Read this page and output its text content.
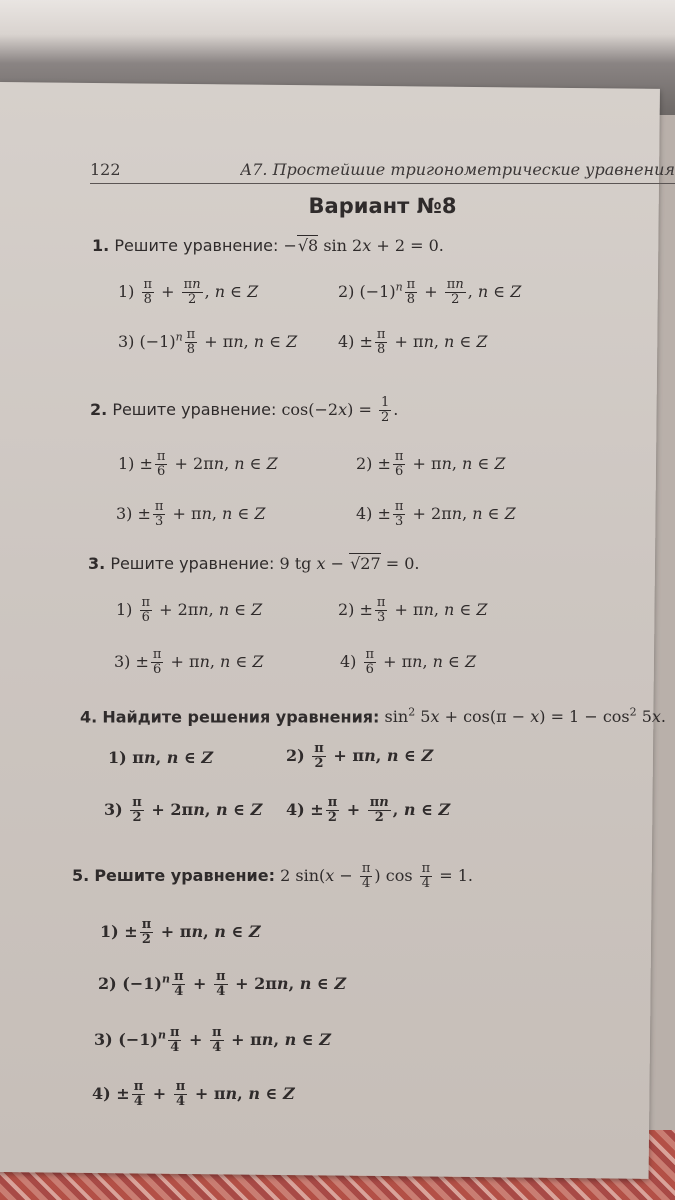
122	А7. Простейшие тригонометрические уравнения
Вариант №8
1. Решите уравнение: −√8 sin 2x + 2 = 0.
$1) \frac{\pi}{8} + \frac{\pi n}{2}$ , n ∈ Z	2) $(-1)^n \frac{\pi}{8} + \frac{\pi n}{2}$ , n ∈ Z
3) $(-1)^n \frac{\pi}{8} + \pi n$, n ∈ Z	$4) \pm \frac{\pi}{8} + \pi n$, n ∈ Z
2. Решите уравнение: $\cos(-2x) = \frac{1}{2}$ .
$1) \pm \frac{\pi}{6} + 2\pi n$, n ∈ Z	$2) \pm \frac{\pi}{6} + \pi n$, n ∈ Z
$3) \pm \frac{\pi}{3} + \pi n$, n ∈ Z	$4) \pm \frac{\pi}{3} + 2\pi n$, n ∈ Z
3. Решите уравнение: 9 tg x − √27 = 0.
$1) \frac{\pi}{6} + 2\pi n$, n ∈ Z	$2) \pm \frac{\pi}{3} + \pi n$, n ∈ Z
$3) \pm \frac{\pi}{6} + \pi n$, n ∈ Z	$4) \frac{\pi}{6} + \pi n$, n ∈ Z
4. Найдите решения уравнения: $\sin^2 5x + \cos(\pi - x) = 1 - \cos^2 5x$.
1) πn, n ∈ Z	$2) \frac{\pi}{2} + \pi n$, n ∈ Z
$3) \frac{\pi}{2} + 2\pi n$, n ∈ Z $4) \pm \frac{\pi}{2} + \frac{\pi n}{2}$ , n ∈ Z
5. Решите уравнение: 2 $\sin(x - \frac{\pi}{4}$ ) $\cos \frac{\pi}{4} = 1$.
$1) \pm \frac{\pi}{2} + \pi n$, n ∈ Z
2) $(-1)^n \frac{\pi}{4} + \frac{\pi}{4} + 2\pi n$, n ∈ Z
3) $(-1)^n \frac{\pi}{4} + \frac{\pi}{4} + \pi n$, n ∈ Z
$4) \pm \frac{\pi}{4} + \frac{\pi}{4} + \pi n$, n ∈ Z
